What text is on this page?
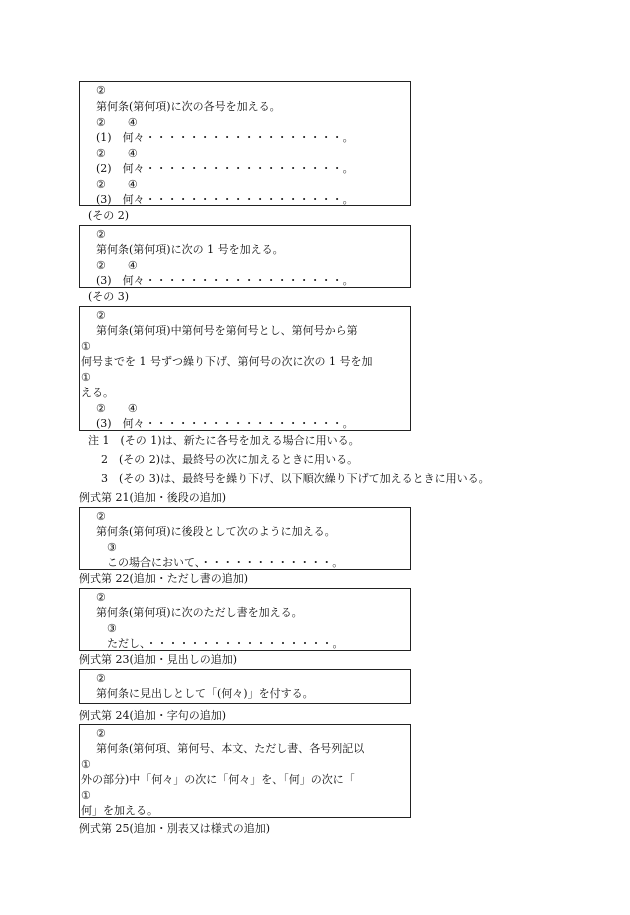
②
第何条(第何項)に次の各号を加える。
②　　④
(1)　何々・・・・・・・・・・・・・・・・・・。
②　　④
(2)　何々・・・・・・・・・・・・・・・・・・。
②　　④
(3)　何々・・・・・・・・・・・・・・・・・・。
(その 2)
②
第何条(第何項)に次の 1 号を加える。
②　　④
(3)　何々・・・・・・・・・・・・・・・・・・。
(その 3)
②
第何条(第何項)中第何号を第何号とし、第何号から第
①
何号までを 1 号ずつ繰り下げ、第何号の次に次の 1 号を加
①
える。
②　　④
(3)　何々・・・・・・・・・・・・・・・・・・。
注 1　(その 1)は、新たに各号を加える場合に用いる。
2　(その 2)は、最終号の次に加えるときに用いる。
3　(その 3)は、最終号を繰り下げ、以下順次繰り下げて加えるときに用いる。
例式第 21(追加・後段の追加)
②
第何条(第何項)に後段として次のように加える。
③
この場合において、・・・・・・・・・・・・。
例式第 22(追加・ただし書の追加)
②
第何条(第何項)に次のただし書を加える。
③
ただし、・・・・・・・・・・・・・・・・・。
例式第 23(追加・見出しの追加)
②
第何条に見出しとして「(何々)」を付する。
例式第 24(追加・字句の追加)
②
第何条(第何項、第何号、本文、ただし書、各号列記以
①
外の部分)中「何々」の次に「何々」を、「何」の次に「
①
何」を加える。
例式第 25(追加・別表又は様式の追加)
